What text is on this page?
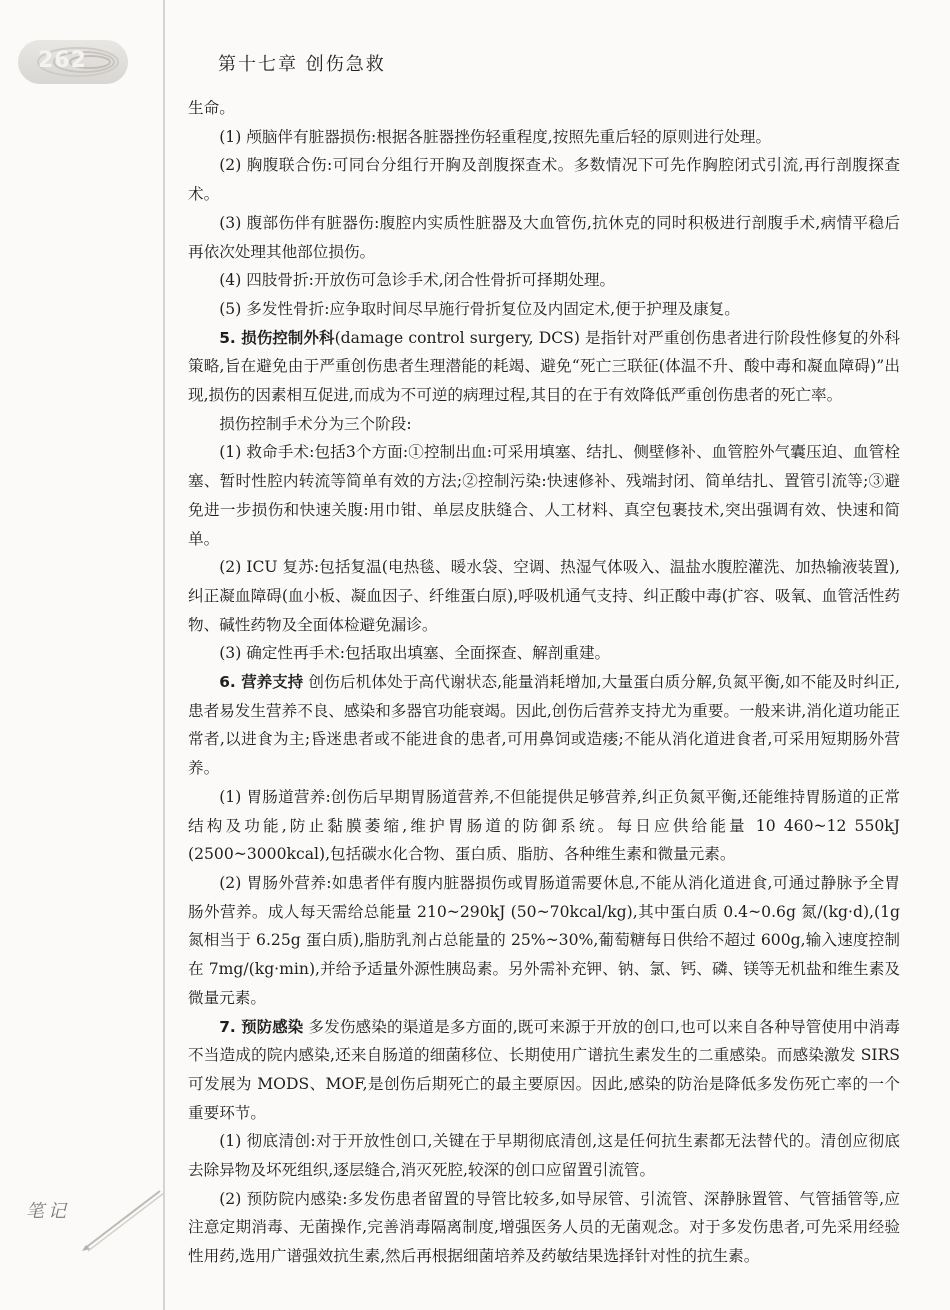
262	第十七章 创伤急救

生命。

(1) 颅脑伴有脏器损伤:根据各脏器挫伤轻重程度,按照先重后轻的原则进行处理。

(2) 胸腹联合伤:可同台分组行开胸及剖腹探查术。多数情况下可先作胸腔闭式引流,再行剖腹探查术。

(3) 腹部伤伴有脏器伤:腹腔内实质性脏器及大血管伤,抗休克的同时积极进行剖腹手术,病情平稳后再依次处理其他部位损伤。

(4) 四肢骨折:开放伤可急诊手术,闭合性骨折可择期处理。

(5) 多发性骨折:应争取时间尽早施行骨折复位及内固定术,便于护理及康复。

5. 损伤控制外科(damage control surgery, DCS) 是指针对严重创伤患者进行阶段性修复的外科策略,旨在避免由于严重创伤患者生理潜能的耗竭、避免“死亡三联征(体温不升、酸中毒和凝血障碍)”出现,损伤的因素相互促进,而成为不可逆的病理过程,其目的在于有效降低严重创伤患者的死亡率。

损伤控制手术分为三个阶段:

(1) 救命手术:包括3个方面:①控制出血:可采用填塞、结扎、侧壁修补、血管腔外气囊压迫、血管栓塞、暂时性腔内转流等简单有效的方法;②控制污染:快速修补、残端封闭、简单结扎、置管引流等;③避免进一步损伤和快速关腹:用巾钳、单层皮肤缝合、人工材料、真空包裹技术,突出强调有效、快速和简单。

(2) ICU 复苏:包括复温(电热毯、暖水袋、空调、热湿气体吸入、温盐水腹腔灌洗、加热输液装置),纠正凝血障碍(血小板、凝血因子、纤维蛋白原),呼吸机通气支持、纠正酸中毒(扩容、吸氧、血管活性药物、碱性药物及全面体检避免漏诊。

(3) 确定性再手术:包括取出填塞、全面探查、解剖重建。

6. 营养支持 创伤后机体处于高代谢状态,能量消耗增加,大量蛋白质分解,负氮平衡,如不能及时纠正,患者易发生营养不良、感染和多器官功能衰竭。因此,创伤后营养支持尤为重要。一般来讲,消化道功能正常者,以进食为主;昏迷患者或不能进食的患者,可用鼻饲或造瘘;不能从消化道进食者,可采用短期肠外营养。

(1) 胃肠道营养:创伤后早期胃肠道营养,不但能提供足够营养,纠正负氮平衡,还能维持胃肠道的正常结构及功能,防止黏膜萎缩,维护胃肠道的防御系统。每日应供给能量 10 460~12 550kJ (2500~3000kcal),包括碳水化合物、蛋白质、脂肪、各种维生素和微量元素。

(2) 胃肠外营养:如患者伴有腹内脏器损伤或胃肠道需要休息,不能从消化道进食,可通过静脉予全胃肠外营养。成人每天需给总能量 210~290kJ (50~70kcal/kg),其中蛋白质 0.4~0.6g 氮/(kg·d),(1g 氮相当于 6.25g 蛋白质),脂肪乳剂占总能量的 25%~30%,葡萄糖每日供给不超过 600g,输入速度控制在 7mg/(kg·min),并给予适量外源性胰岛素。另外需补充钾、钠、氯、钙、磷、镁等无机盐和维生素及微量元素。

7. 预防感染 多发伤感染的渠道是多方面的,既可来源于开放的创口,也可以来自各种导管使用中消毒不当造成的院内感染,还来自肠道的细菌移位、长期使用广谱抗生素发生的二重感染。而感染激发 SIRS 可发展为 MODS、MOF,是创伤后期死亡的最主要原因。因此,感染的防治是降低多发伤死亡率的一个重要环节。

(1) 彻底清创:对于开放性创口,关键在于早期彻底清创,这是任何抗生素都无法替代的。清创应彻底去除异物及坏死组织,逐层缝合,消灭死腔,较深的创口应留置引流管。

(2) 预防院内感染:多发伤患者留置的导管比较多,如导尿管、引流管、深静脉置管、气管插管等,应注意定期消毒、无菌操作,完善消毒隔离制度,增强医务人员的无菌观念。对于多发伤患者,可先采用经验性用药,选用广谱强效抗生素,然后再根据细菌培养及药敏结果选择针对性的抗生素。

笔记
